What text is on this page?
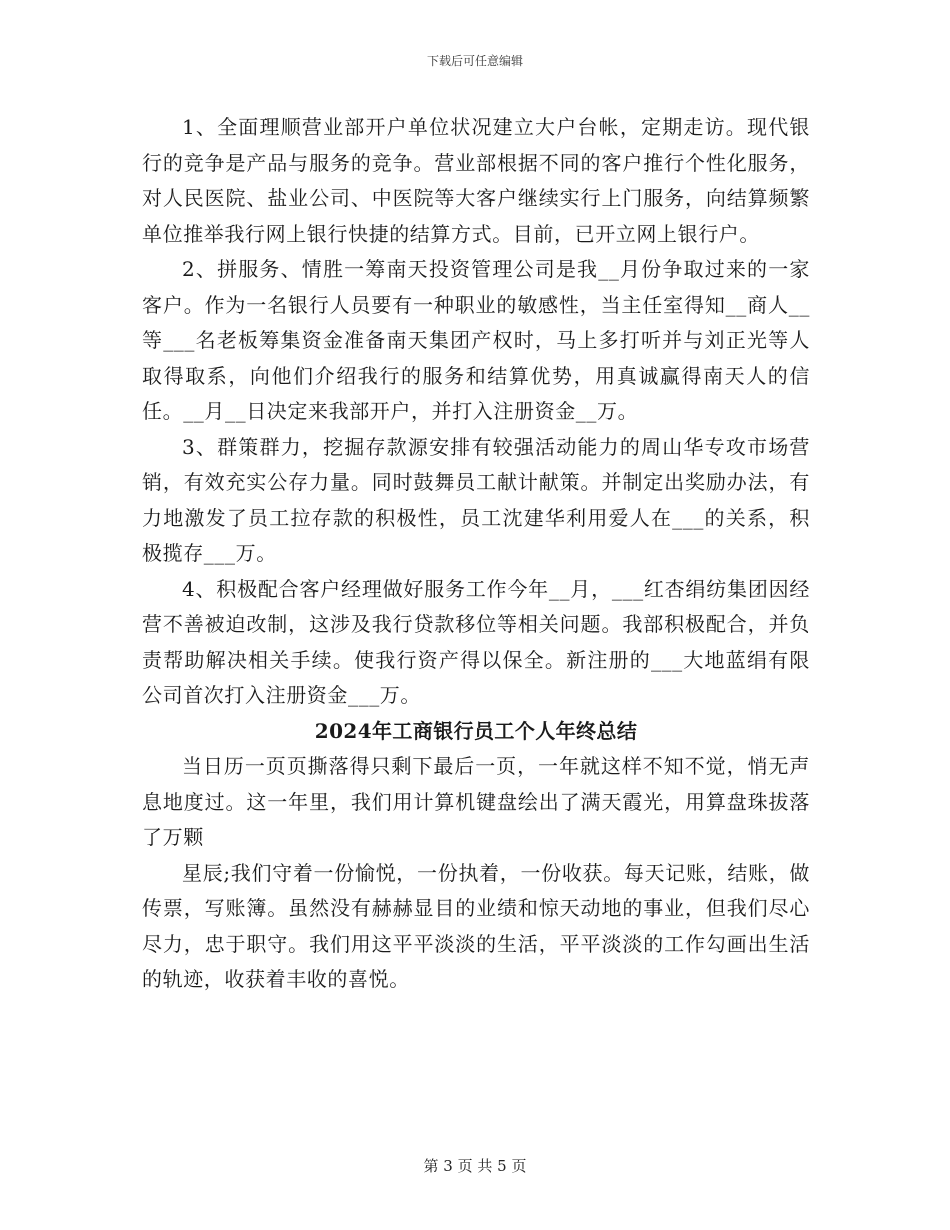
下载后可任意编辑

1、全面理顺营业部开户单位状况建立大户台帐，定期走访。现代银行的竞争是产品与服务的竞争。营业部根据不同的客户推行个性化服务，对人民医院、盐业公司、中医院等大客户继续实行上门服务，向结算频繁单位推举我行网上银行快捷的结算方式。目前，已开立网上银行户。

2、拼服务、情胜一筹南天投资管理公司是我__月份争取过来的一家客户。作为一名银行人员要有一种职业的敏感性，当主任室得知__商人__等___名老板筹集资金准备南天集团产权时，马上多打听并与刘正光等人取得取系，向他们介绍我行的服务和结算优势，用真诚赢得南天人的信任。__月__日决定来我部开户，并打入注册资金__万。

3、群策群力，挖掘存款源安排有较强活动能力的周山华专攻市场营销，有效充实公存力量。同时鼓舞员工献计献策。并制定出奖励办法，有力地激发了员工拉存款的积极性，员工沈建华利用爱人在___的关系，积极揽存___万。

4、积极配合客户经理做好服务工作今年__月，___红杏绢纺集团因经营不善被迫改制，这涉及我行贷款移位等相关问题。我部积极配合，并负责帮助解决相关手续。使我行资产得以保全。新注册的___大地蓝绢有限公司首次打入注册资金___万。

2024年工商银行员工个人年终总结

当日历一页页撕落得只剩下最后一页，一年就这样不知不觉，悄无声息地度过。这一年里，我们用计算机键盘绘出了满天霞光，用算盘珠拔落了万颗

星辰;我们守着一份愉悦，一份执着，一份收获。每天记账，结账，做传票，写账簿。虽然没有赫赫显目的业绩和惊天动地的事业，但我们尽心尽力，忠于职守。我们用这平平淡淡的生活，平平淡淡的工作勾画出生活的轨迹，收获着丰收的喜悦。

第 3 页 共 5 页
